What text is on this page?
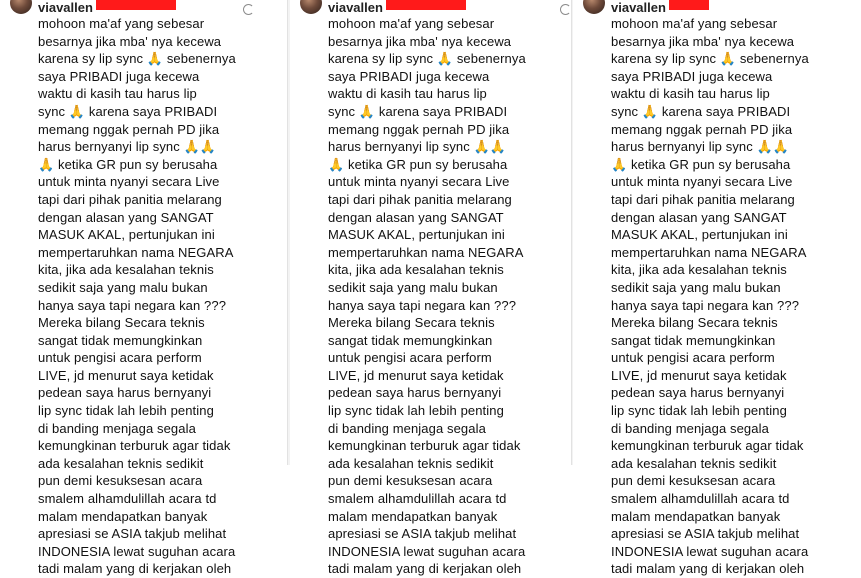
viavallen
mohoon ma'af yang sebesar
besarnya jika mba' nya kecewa
karena sy lip sync 🙏 sebenernya
saya PRIBADI juga kecewa
waktu di kasih tau harus lip
sync 🙏 karena saya PRIBADI
memang nggak pernah PD jika
harus bernyanyi lip sync 🙏🙏
🙏 ketika GR pun sy berusaha
untuk minta nyanyi secara Live
tapi dari pihak panitia melarang
dengan alasan yang SANGAT
MASUK AKAL, pertunjukan ini
mempertaruhkan nama NEGARA
kita, jika ada kesalahan teknis
sedikit saja yang malu bukan
hanya saya tapi negara kan ???
Mereka bilang Secara teknis
sangat tidak memungkinkan
untuk pengisi acara perform
LIVE, jd menurut saya ketidak
pedean saya harus bernyanyi
lip sync tidak lah lebih penting
di banding menjaga segala
kemungkinan terburuk agar tidak
ada kesalahan teknis sedikit
pun demi kesuksesan acara
smalem alhamdulillah acara td
malam mendapatkan banyak
apresiasi se ASIA takjub melihat
INDONESIA lewat suguhan acara
tadi malam yang di kerjakan oleh
viavallen
mohoon ma'af yang sebesar
besarnya jika mba' nya kecewa
karena sy lip sync 🙏 sebenernya
saya PRIBADI juga kecewa
waktu di kasih tau harus lip
sync 🙏 karena saya PRIBADI
memang nggak pernah PD jika
harus bernyanyi lip sync 🙏🙏
🙏 ketika GR pun sy berusaha
untuk minta nyanyi secara Live
tapi dari pihak panitia melarang
dengan alasan yang SANGAT
MASUK AKAL, pertunjukan ini
mempertaruhkan nama NEGARA
kita, jika ada kesalahan teknis
sedikit saja yang malu bukan
hanya saya tapi negara kan ???
Mereka bilang Secara teknis
sangat tidak memungkinkan
untuk pengisi acara perform
LIVE, jd menurut saya ketidak
pedean saya harus bernyanyi
lip sync tidak lah lebih penting
di banding menjaga segala
kemungkinan terburuk agar tidak
ada kesalahan teknis sedikit
pun demi kesuksesan acara
smalem alhamdulillah acara td
malam mendapatkan banyak
apresiasi se ASIA takjub melihat
INDONESIA lewat suguhan acara
tadi malam yang di kerjakan oleh
viavallen
mohoon ma'af yang sebesar
besarnya jika mba' nya kecewa
karena sy lip sync 🙏 sebenernya
saya PRIBADI juga kecewa
waktu di kasih tau harus lip
sync 🙏 karena saya PRIBADI
memang nggak pernah PD jika
harus bernyanyi lip sync 🙏🙏
🙏 ketika GR pun sy berusaha
untuk minta nyanyi secara Live
tapi dari pihak panitia melarang
dengan alasan yang SANGAT
MASUK AKAL, pertunjukan ini
mempertaruhkan nama NEGARA
kita, jika ada kesalahan teknis
sedikit saja yang malu bukan
hanya saya tapi negara kan ???
Mereka bilang Secara teknis
sangat tidak memungkinkan
untuk pengisi acara perform
LIVE, jd menurut saya ketidak
pedean saya harus bernyanyi
lip sync tidak lah lebih penting
di banding menjaga segala
kemungkinan terburuk agar tidak
ada kesalahan teknis sedikit
pun demi kesuksesan acara
smalem alhamdulillah acara td
malam mendapatkan banyak
apresiasi se ASIA takjub melihat
INDONESIA lewat suguhan acara
tadi malam yang di kerjakan oleh
